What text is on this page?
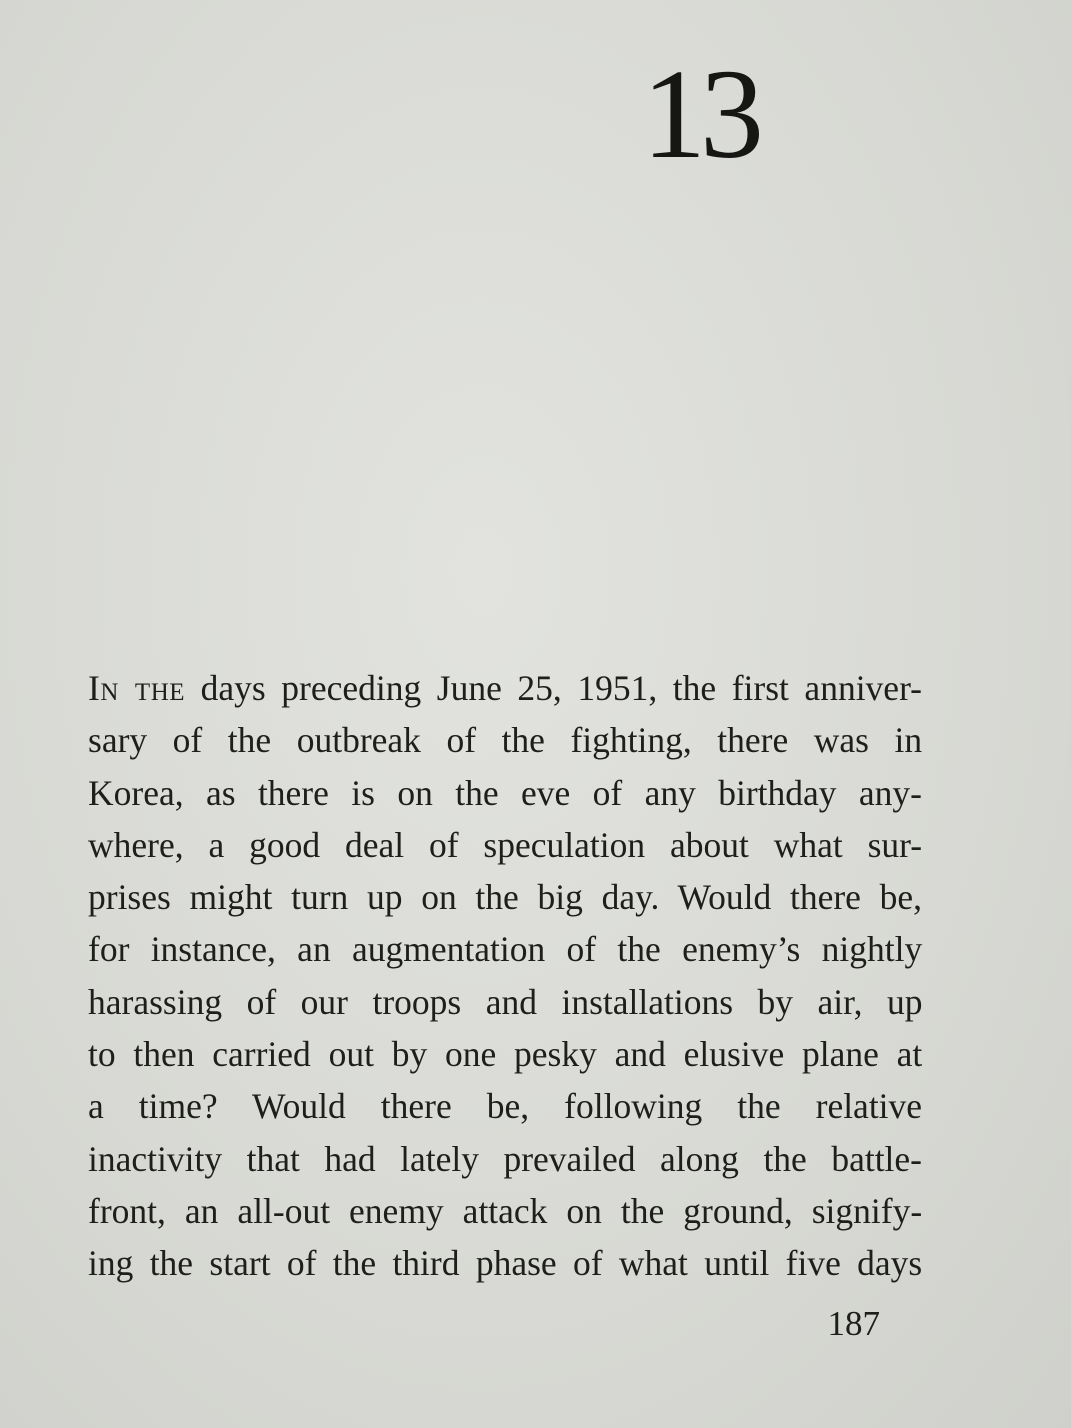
13
In the days preceding June 25, 1951, the first anniver-
sary of the outbreak of the fighting, there was in
Korea, as there is on the eve of any birthday any-
where, a good deal of speculation about what sur-
prises might turn up on the big day. Would there be,
for instance, an augmentation of the enemy’s nightly
harassing of our troops and installations by air, up
to then carried out by one pesky and elusive plane at
a time? Would there be, following the relative
inactivity that had lately prevailed along the battle-
front, an all-out enemy attack on the ground, signify-
ing the start of the third phase of what until five days
187
